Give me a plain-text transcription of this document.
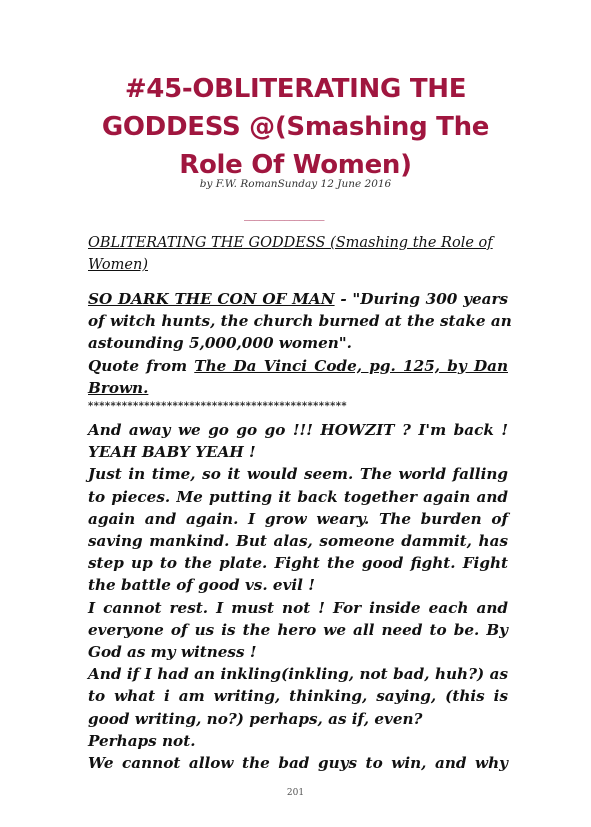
#45-OBLITERATING THE
GODDESS @(Smashing The
Role Of Women)
by F.W. RomanSunday 12 June 2016
________________
OBLITERATING THE GODDESS (Smashing the Role of
Women)
SO DARK THE CON OF MAN - "During 300 years
of witch hunts, the church burned at the stake an
astounding 5,000,000 women".
Quote from The Da Vinci Code, pg. 125, by Dan
Brown.
**********************************************
And away we go go go !!! HOWZIT ? I'm back !
YEAH BABY YEAH !
Just in time, so it would seem. The world falling
to pieces. Me putting it back together again and
again and again. I grow weary. The burden of
saving mankind. But alas, someone dammit, has
step up to the plate. Fight the good fight. Fight
the battle of good vs. evil !
I cannot rest. I must not ! For inside each and
everyone of us is the hero we all need to be. By
God as my witness !
And if I had an inkling(inkling, not bad, huh?) as
to what i am writing, thinking, saying, (this is
good writing, no?) perhaps, as if, even?
Perhaps not.
We cannot allow the bad guys to win, and why
201
